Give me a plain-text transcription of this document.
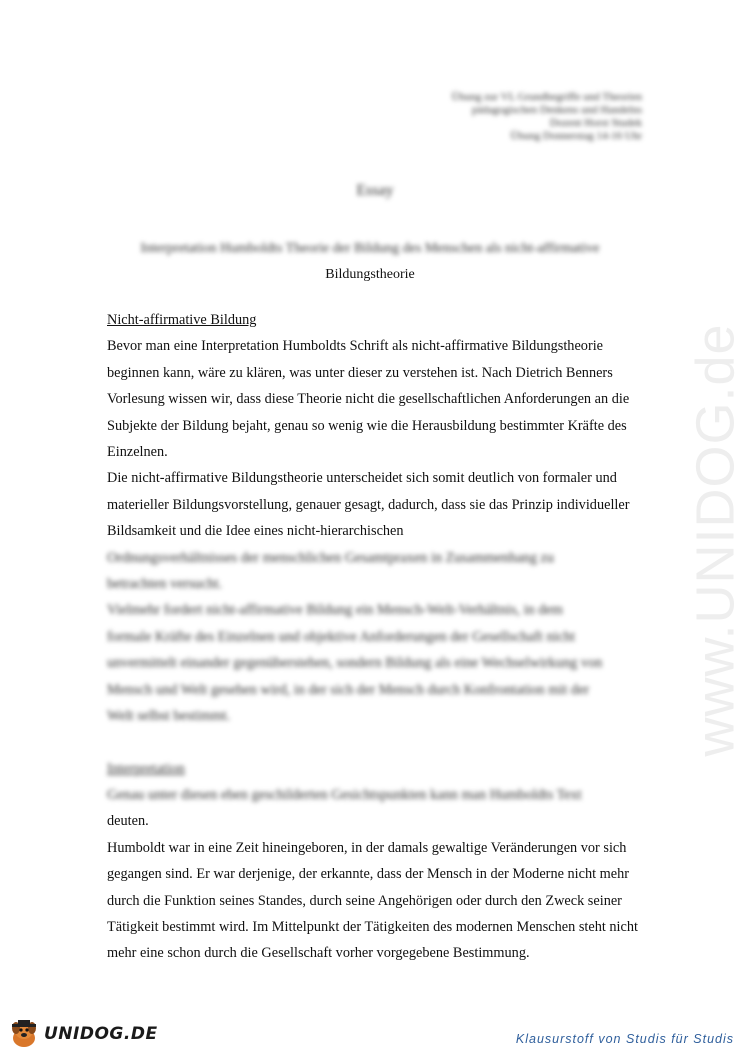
www.UNIDOG.de
Übung zur VL Grundbegriffe und Theorien
pädagogischen Denkens und Handelns
Dozent Horst Studek
Übung Donnerstag 14-16 Uhr
Essay
Interpretation Humboldts Theorie der Bildung des Menschen als nicht-affirmative
Bildungstheorie

Nicht-affirmative Bildung

Bevor man eine Interpretation Humboldts Schrift als nicht-affirmative Bildungstheorie beginnen kann, wäre zu klären, was unter dieser zu verstehen ist. Nach Dietrich Benners Vorlesung wissen wir, dass diese Theorie nicht die gesellschaftlichen Anforderungen an die Subjekte der Bildung bejaht, genau so wenig wie die Herausbildung bestimmter Kräfte des Einzelnen.

Die nicht-affirmative Bildungstheorie unterscheidet sich somit deutlich von formaler und materieller Bildungsvorstellung, genauer gesagt, dadurch, dass sie das Prinzip individueller Bildsamkeit und die Idee eines nicht-hierarchischen

Ordnungsverhältnisses der menschlichen Gesamtpraxen in Zusammenhang zu

betrachten versucht.

Vielmehr fordert nicht-affirmative Bildung ein Mensch-Welt-Verhältnis, in dem

formale Kräfte des Einzelnen und objektive Anforderungen der Gesellschaft nicht

unvermittelt einander gegenüberstehen, sondern Bildung als eine Wechselwirkung von

Mensch und Welt gesehen wird, in der sich der Mensch durch Konfrontation mit der

Welt selbst bestimmt.

Interpretation

Genau unter diesen eben geschilderten Gesichtspunkten kann man Humboldts Text

deuten.

Humboldt war in eine Zeit hineingeboren, in der damals gewaltige Veränderungen vor sich gegangen sind. Er war derjenige, der erkannte, dass der Mensch in der Moderne nicht mehr durch die Funktion seines Standes, durch seine Angehörigen oder durch den Zweck seiner Tätigkeit bestimmt wird. Im Mittelpunkt der Tätigkeiten des modernen Menschen steht nicht mehr eine schon durch die Gesellschaft vorher vorgegebene Bestimmung.

UNIDOG.DE	Klausurstoff von Studis für Studis
